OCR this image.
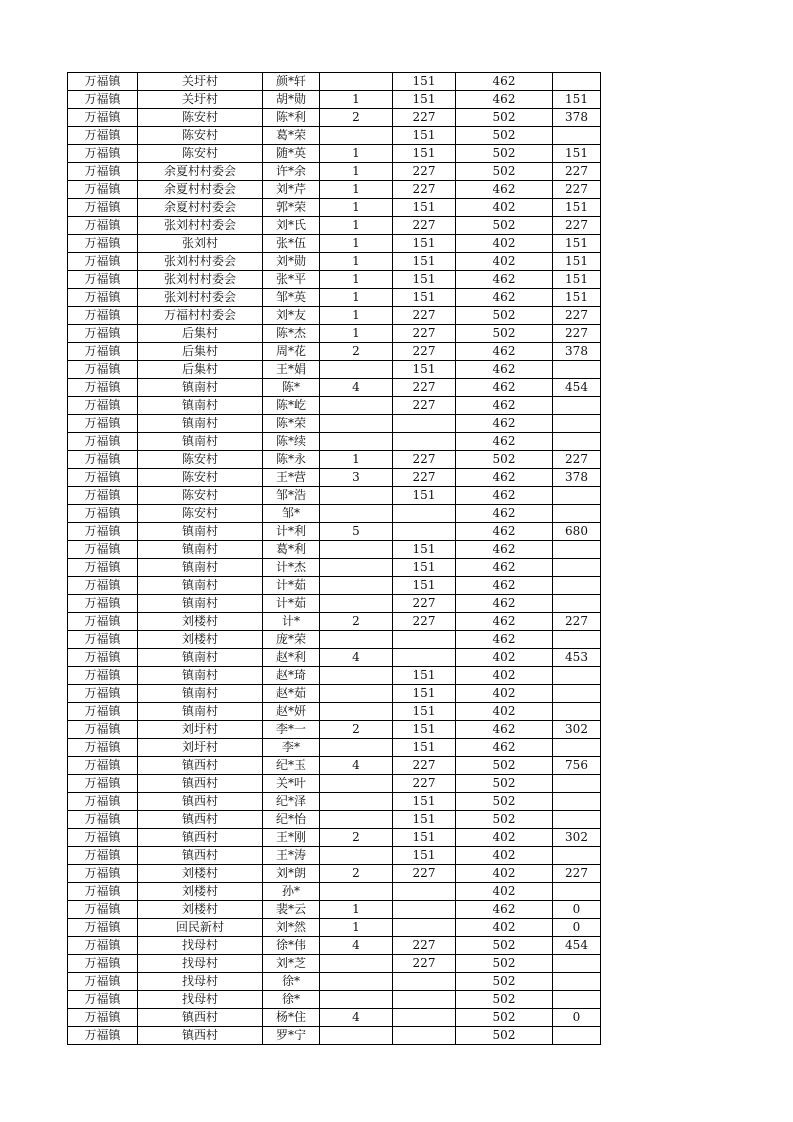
万福镇	关圩村	颜*轩		151	462	
万福镇	关圩村	胡*勋	1	151	462	151
万福镇	陈安村	陈*利	2	227	502	378
万福镇	陈安村	葛*荣		151	502	
万福镇	陈安村	随*英	1	151	502	151
万福镇	余夏村村委会	许*余	1	227	502	227
万福镇	余夏村村委会	刘*芹	1	227	462	227
万福镇	余夏村村委会	郭*荣	1	151	402	151
万福镇	张刘村村委会	刘*氏	1	227	502	227
万福镇	张刘村	张*伍	1	151	402	151
万福镇	张刘村村委会	刘*勋	1	151	402	151
万福镇	张刘村村委会	张*平	1	151	462	151
万福镇	张刘村村委会	邹*英	1	151	462	151
万福镇	万福村村委会	刘*友	1	227	502	227
万福镇	后集村	陈*杰	1	227	502	227
万福镇	后集村	周*花	2	227	462	378
万福镇	后集村	王*娟		151	462	
万福镇	镇南村	陈*	4	227	462	454
万福镇	镇南村	陈*屹		227	462	
万福镇	镇南村	陈*荣			462	
万福镇	镇南村	陈*续			462	
万福镇	陈安村	陈*永	1	227	502	227
万福镇	陈安村	王*营	3	227	462	378
万福镇	陈安村	邹*浩		151	462	
万福镇	陈安村	邹*			462	
万福镇	镇南村	计*利	5		462	680
万福镇	镇南村	葛*利		151	462	
万福镇	镇南村	计*杰		151	462	
万福镇	镇南村	计*茹		151	462	
万福镇	镇南村	计*茹		227	462	
万福镇	刘楼村	计*	2	227	462	227
万福镇	刘楼村	庞*荣			462	
万福镇	镇南村	赵*利	4		402	453
万福镇	镇南村	赵*琦		151	402	
万福镇	镇南村	赵*茹		151	402	
万福镇	镇南村	赵*妍		151	402	
万福镇	刘圩村	李*一	2	151	462	302
万福镇	刘圩村	李*		151	462	
万福镇	镇西村	纪*玉	4	227	502	756
万福镇	镇西村	关*叶		227	502	
万福镇	镇西村	纪*泽		151	502	
万福镇	镇西村	纪*怡		151	502	
万福镇	镇西村	王*刚	2	151	402	302
万福镇	镇西村	王*涛		151	402	
万福镇	刘楼村	刘*朗	2	227	402	227
万福镇	刘楼村	孙*			402	
万福镇	刘楼村	裴*云	1		462	0
万福镇	回民新村	刘*然	1		402	0
万福镇	找母村	徐*伟	4	227	502	454
万福镇	找母村	刘*芝		227	502	
万福镇	找母村	徐*			502	
万福镇	找母村	徐*			502	
万福镇	镇西村	杨*住	4		502	0
万福镇	镇西村	罗*宁			502	
